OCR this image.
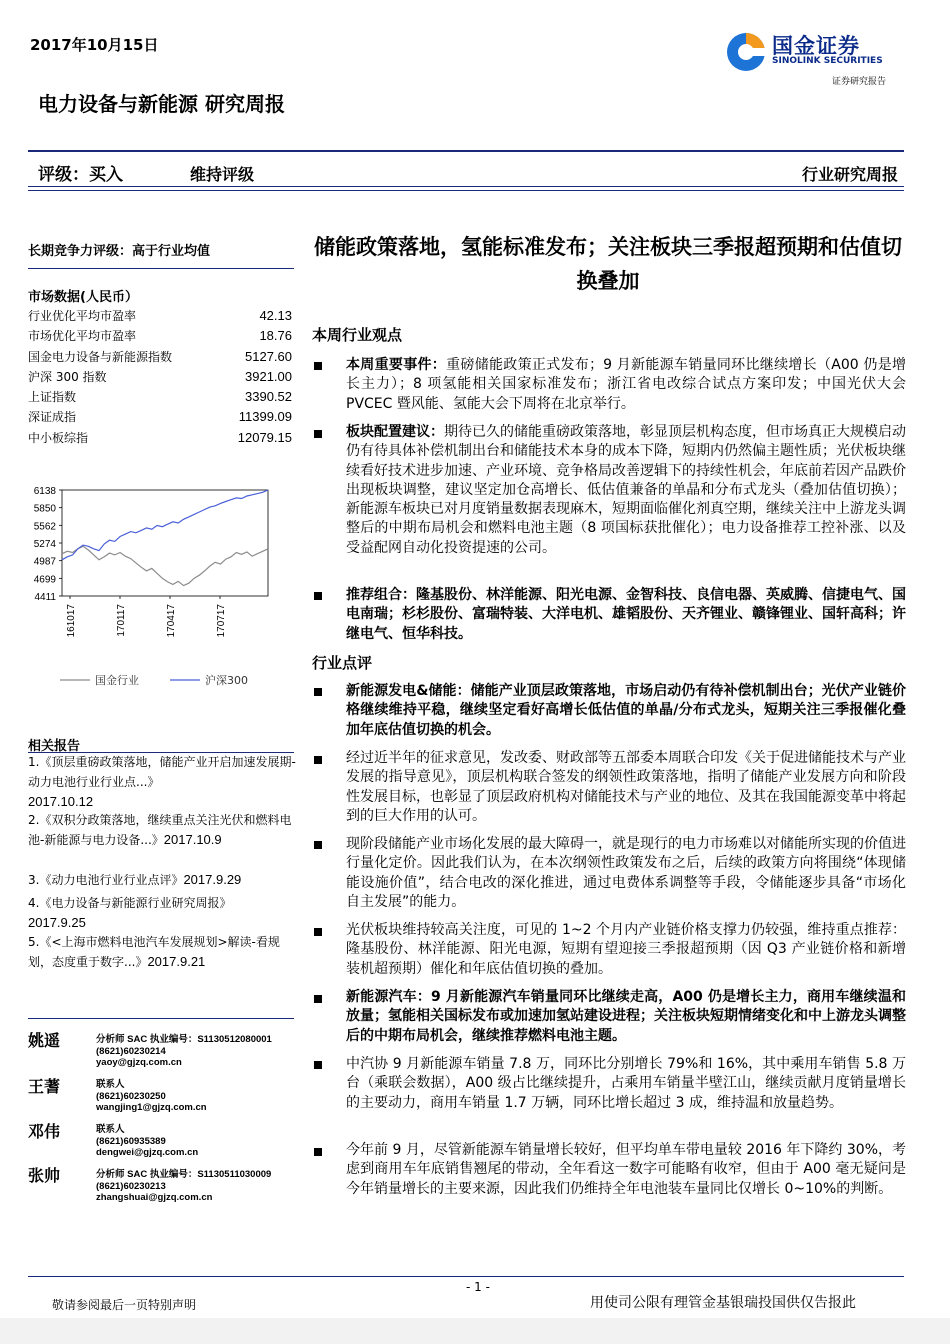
2017年10月15日
电力设备与新能源 研究周报
国金证券
SINOLINK SECURITIES
证券研究报告
评级：买入	维持评级	行业研究周报
长期竞争力评级：高于行业均值
市场数据(人民币）
行业优化平均市盈率	42.13
市场优化平均市盈率	18.76
国金电力设备与新能源指数	5127.60
沪深 300 指数	3921.00
上证指数	3390.52
深证成指	11399.09
中小板综指	12079.15
6138
5850
5562
5274
4987
4699
4411
161017	170117	170417	170717
国金行业	沪深300
相关报告
1.《顶层重磅政策落地，储能产业开启加速发展期-动力电池行业行业点...》
2017.10.12
2.《双积分政策落地，继续重点关注光伏和燃料电池-新能源与电力设备...》2017.10.9
3.《动力电池行业行业点评》2017.9.29
4.《电力设备与新能源行业研究周报》
2017.9.25
5.《<上海市燃料电池汽车发展规划>解读-看规划，态度重于数字...》2017.9.21
姚遥	分析师 SAC 执业编号：S1130512080001
(8621)60230214
yaoy@gjzq.com.cn
王蓍	联系人
(8621)60230250
wangjing1@gjzq.com.cn
邓伟	联系人
(8621)60935389
dengwei@gjzq.com.cn
张帅	分析师 SAC 执业编号：S1130511030009
(8621)60230213
zhangshuai@gjzq.com.cn
储能政策落地，氢能标准发布；关注板块三季报超预期和估值切换叠加
本周行业观点
本周重要事件：重磅储能政策正式发布；9 月新能源车销量同环比继续增长（A00 仍是增长主力）；8 项氢能相关国家标准发布；浙江省电改综合试点方案印发；中国光伏大会 PVCEC 暨风能、氢能大会下周将在北京举行。
板块配置建议：期待已久的储能重磅政策落地，彰显顶层机构态度，但市场真正大规模启动仍有待具体补偿机制出台和储能技术本身的成本下降，短期内仍然偏主题性质；光伏板块继续看好技术进步加速、产业环境、竞争格局改善逻辑下的持续性机会，年底前若因产品跌价出现板块调整，建议坚定加仓高增长、低估值兼备的单晶和分布式龙头（叠加估值切换）；新能源车板块已对月度销量数据表现麻木，短期面临催化剂真空期，继续关注中上游龙头调整后的中期布局机会和燃料电池主题（8 项国标获批催化）；电力设备推荐工控补涨、以及受益配网自动化投资提速的公司。
推荐组合：隆基股份、林洋能源、阳光电源、金智科技、良信电器、英威腾、信捷电气、国电南瑞；杉杉股份、富瑞特装、大洋电机、雄韬股份、天齐锂业、赣锋锂业、国轩高科；许继电气、恒华科技。
行业点评
新能源发电&储能：储能产业顶层政策落地，市场启动仍有待补偿机制出台；光伏产业链价格继续维持平稳，继续坚定看好高增长低估值的单晶/分布式龙头，短期关注三季报催化叠加年底估值切换的机会。
经过近半年的征求意见，发改委、财政部等五部委本周联合印发《关于促进储能技术与产业发展的指导意见》，顶层机构联合签发的纲领性政策落地，指明了储能产业发展方向和阶段性发展目标，也彰显了顶层政府机构对储能技术与产业的地位、及其在我国能源变革中将起到的巨大作用的认可。
现阶段储能产业市场化发展的最大障碍一，就是现行的电力市场难以对储能所实现的价值进行量化定价。因此我们认为，在本次纲领性政策发布之后，后续的政策方向将围绕“体现储能设施价值”，结合电改的深化推进，通过电费体系调整等手段，令储能逐步具备“市场化自主发展”的能力。
光伏板块维持较高关注度，可见的 1~2 个月内产业链价格支撑力仍较强，维持重点推荐：隆基股份、林洋能源、阳光电源，短期有望迎接三季报超预期（因 Q3 产业链价格和新增装机超预期）催化和年底估值切换的叠加。
新能源汽车：9 月新能源汽车销量同环比继续走高，A00 仍是增长主力，商用车继续温和放量；氢能相关国标发布或加速加氢站建设进程；关注板块短期情绪变化和中上游龙头调整后的中期布局机会，继续推荐燃料电池主题。
中汽协 9 月新能源车销量 7.8 万，同环比分别增长 79%和 16%，其中乘用车销售 5.8 万台（乘联会数据），A00 级占比继续提升，占乘用车销量半壁江山，继续贡献月度销量增长的主要动力，商用车销量 1.7 万辆，同环比增长超过 3 成，维持温和放量趋势。
今年前 9 月，尽管新能源车销量增长较好，但平均单车带电量较 2016 年下降约 30%，考虑到商用车年底销售翘尾的带动，全年看这一数字可能略有收窄，但由于 A00 毫无疑问是今年销量增长的主要来源，因此我们仍维持全年电池装车量同比仅增长 0~10%的判断。
- 1 -
敬请参阅最后一页特别声明	用使司公限有理管金基银瑞投国供仅告报此
